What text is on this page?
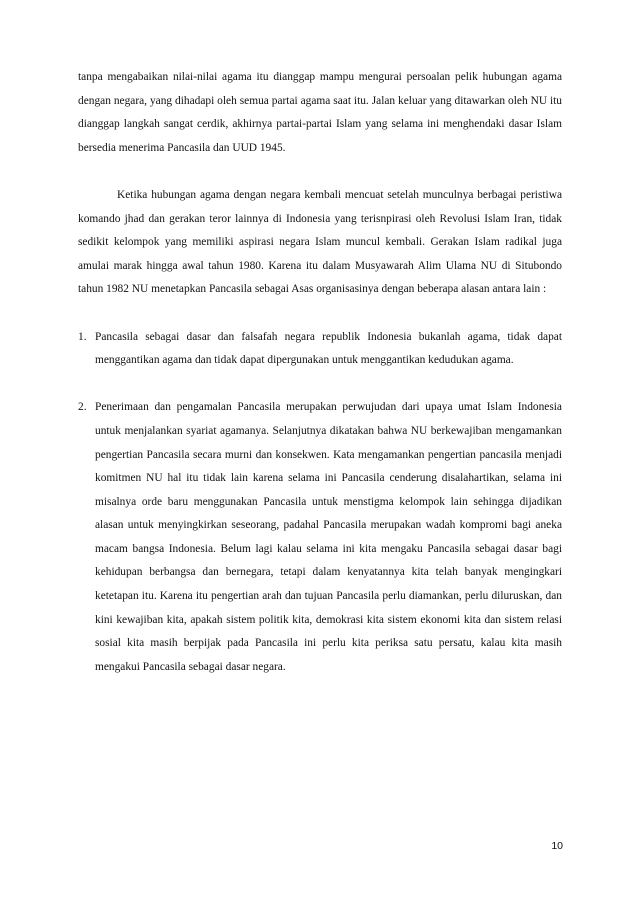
tanpa mengabaikan nilai-nilai agama itu dianggap mampu mengurai persoalan pelik hubungan agama dengan negara, yang dihadapi oleh semua partai agama saat itu. Jalan keluar yang ditawarkan oleh NU itu dianggap langkah sangat cerdik, akhirnya partai-partai Islam yang selama ini menghendaki dasar Islam bersedia menerima Pancasila dan UUD 1945.

Ketika hubungan agama dengan negara kembali mencuat setelah munculnya berbagai peristiwa komando jhad dan gerakan teror lainnya di Indonesia yang terisnpirasi oleh Revolusi Islam Iran, tidak sedikit kelompok yang memiliki aspirasi negara Islam muncul kembali. Gerakan Islam radikal juga amulai marak hingga awal tahun 1980. Karena itu dalam Musyawarah Alim Ulama NU di Situbondo tahun 1982 NU menetapkan Pancasila sebagai Asas organisasinya dengan beberapa alasan antara lain :

1. Pancasila sebagai dasar dan falsafah negara republik Indonesia bukanlah agama, tidak dapat menggantikan agama dan tidak dapat dipergunakan untuk menggantikan kedudukan agama.
2. Penerimaan dan pengamalan Pancasila merupakan perwujudan dari upaya umat Islam Indonesia untuk menjalankan syariat agamanya. Selanjutnya dikatakan bahwa NU berkewajiban mengamankan pengertian Pancasila secara murni dan konsekwen. Kata mengamankan pengertian pancasila menjadi komitmen NU hal itu tidak lain karena selama ini Pancasila cenderung disalahartikan, selama ini misalnya orde baru menggunakan Pancasila untuk menstigma kelompok lain sehingga dijadikan alasan untuk menyingkirkan seseorang, padahal Pancasila merupakan wadah kompromi bagi aneka macam bangsa Indonesia. Belum lagi kalau selama ini kita mengaku Pancasila sebagai dasar bagi kehidupan berbangsa dan bernegara, tetapi dalam kenyatannya kita telah banyak mengingkari ketetapan itu. Karena itu pengertian arah dan tujuan Pancasila perlu diamankan, perlu diluruskan, dan kini kewajiban kita, apakah sistem politik kita, demokrasi kita sistem ekonomi kita dan sistem relasi sosial kita masih berpijak pada Pancasila ini perlu kita periksa satu persatu, kalau kita masih mengakui Pancasila sebagai dasar negara.
10
